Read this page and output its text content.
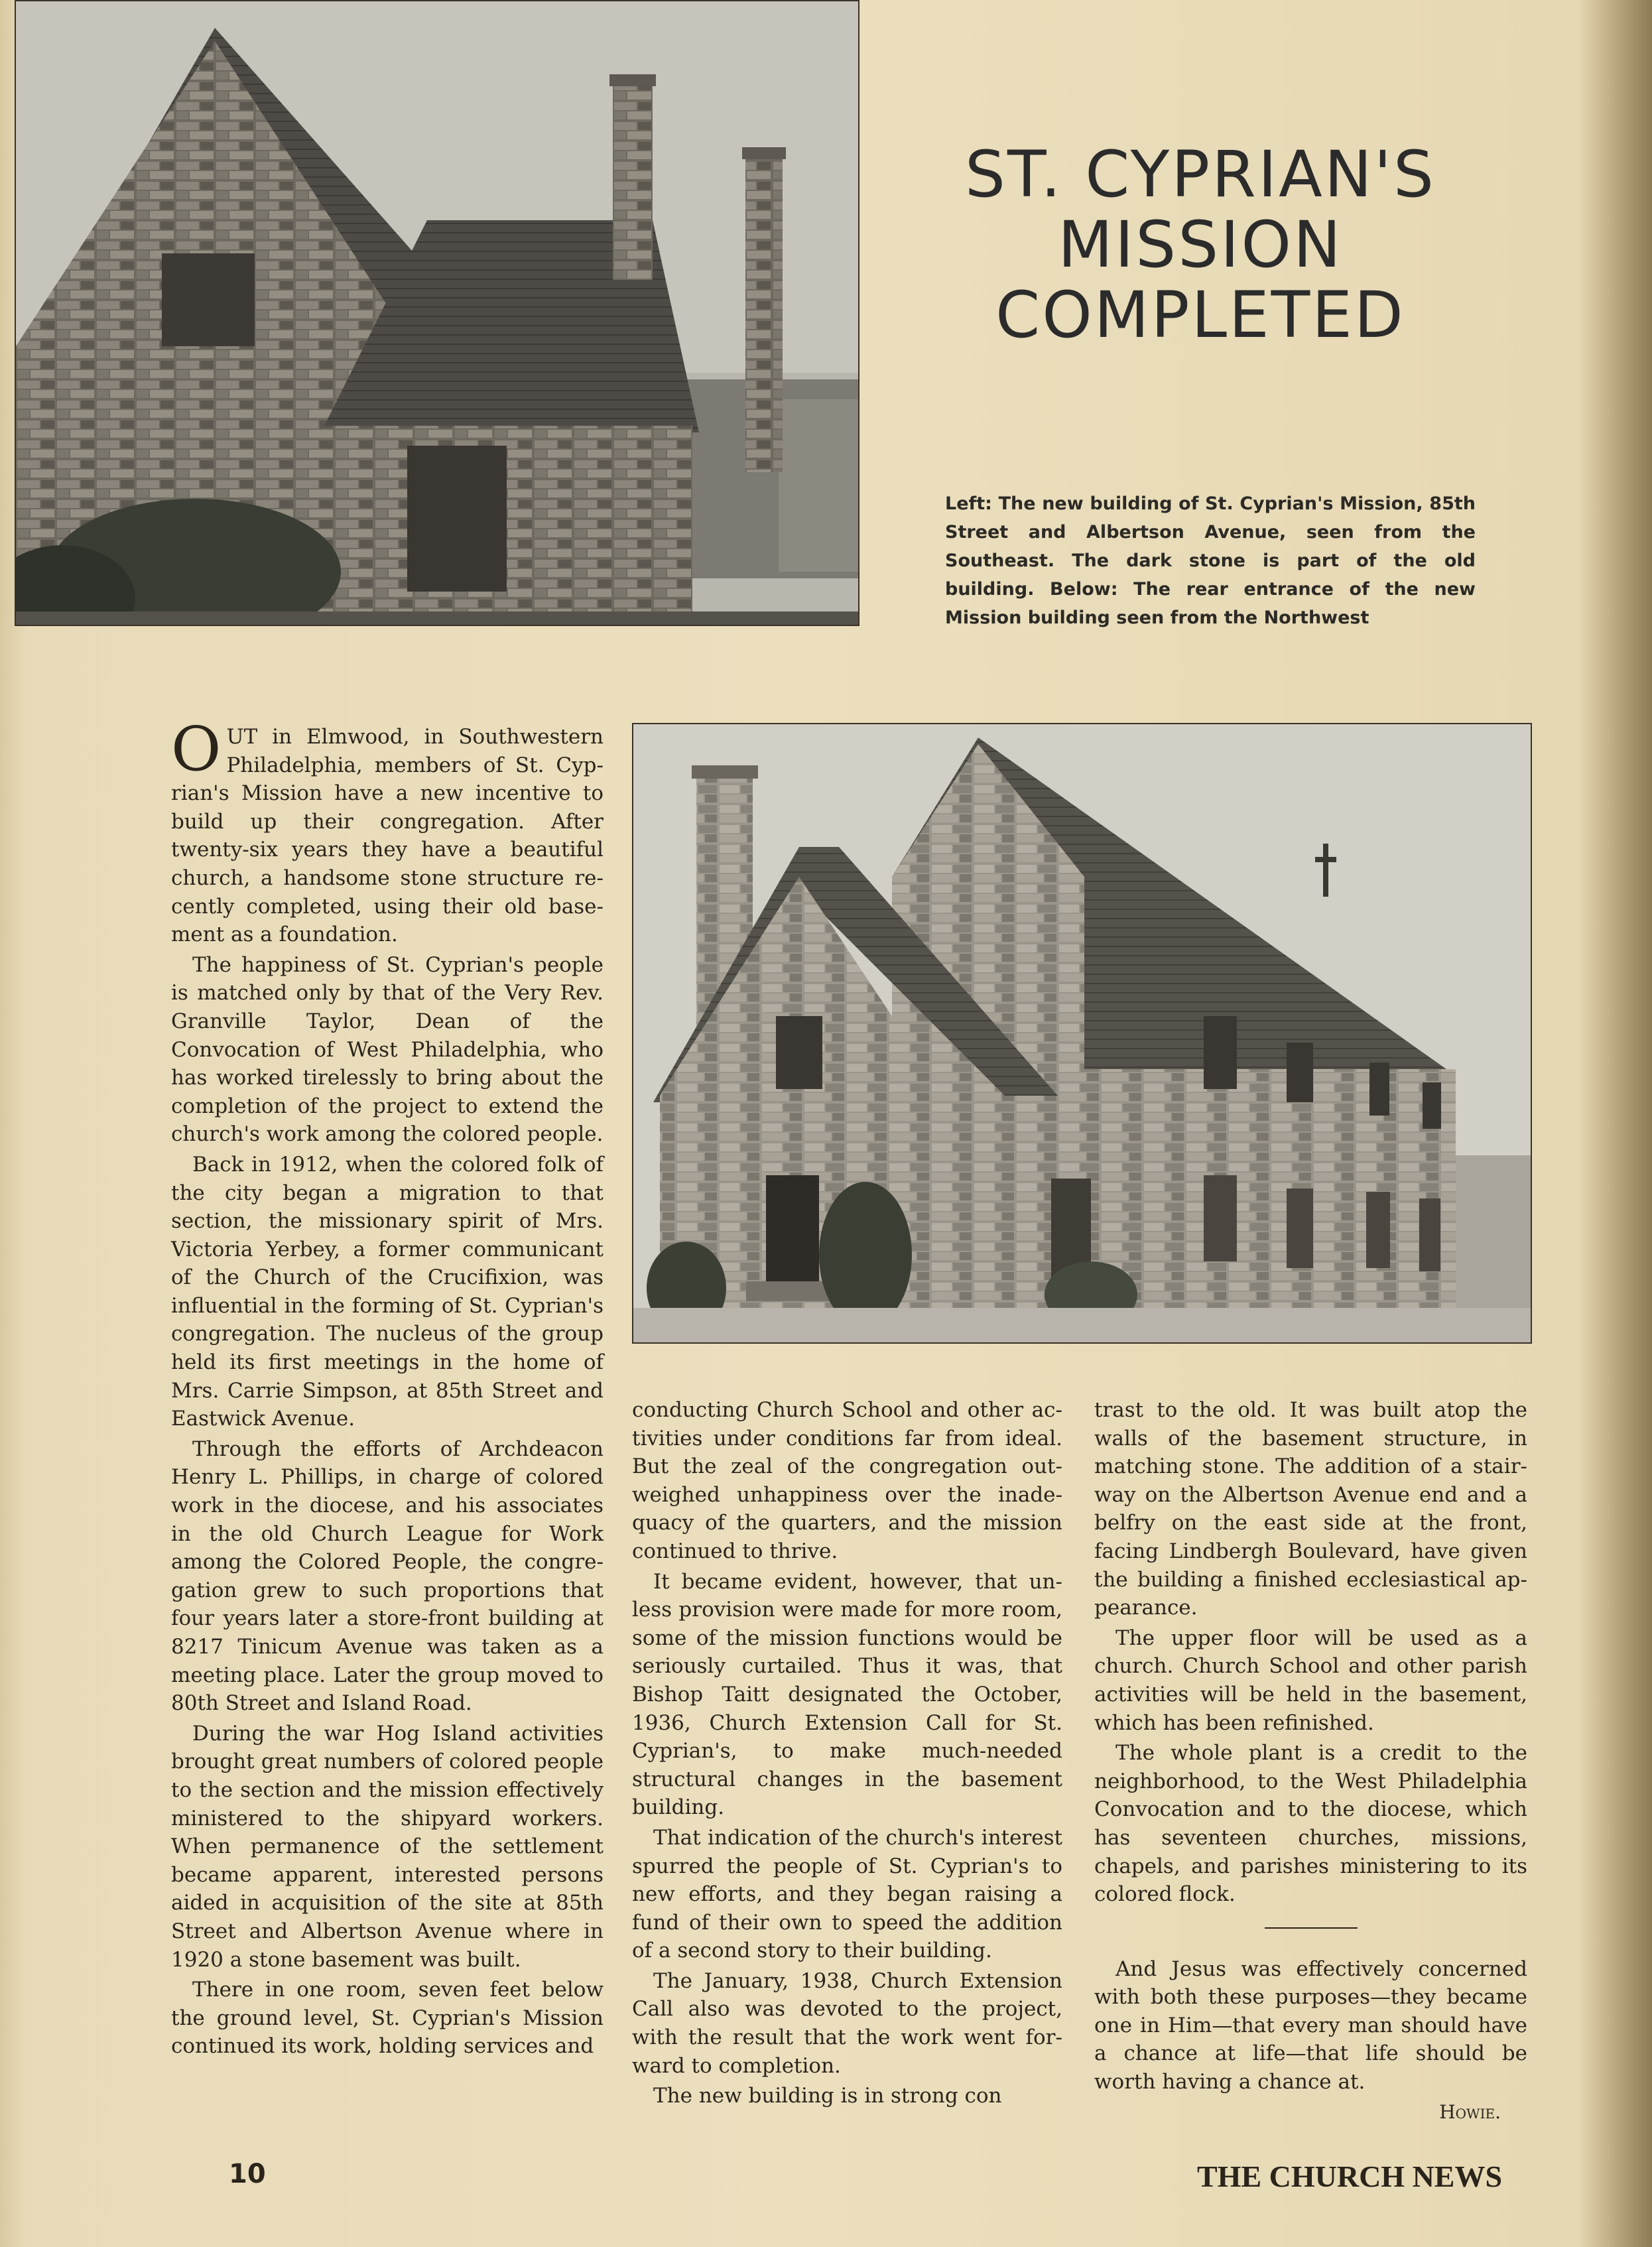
ST. CYPRIAN'S
MISSION
COMPLETED
Left: The new building of St. Cyprian's Mission, 85th Street and Albertson Avenue, seen from the Southeast. The dark stone is part of the old building. Below: The rear entrance of the new Mission building seen from the Northwest

OUT in Elmwood, in Southwestern Philadelphia, members of St. Cyprian's Mission have a new incentive to build up their congregation. After twenty-six years they have a beautiful church, a handsome stone structure recently completed, using their old basement as a foundation.

The happiness of St. Cyprian's people is matched only by that of the Very Rev. Granville Taylor, Dean of the Convocation of West Philadelphia, who has worked tirelessly to bring about the completion of the project to extend the church's work among the colored people.

Back in 1912, when the colored folk of the city began a migration to that section, the missionary spirit of Mrs. Victoria Yerbey, a former communicant of the Church of the Crucifixion, was influential in the forming of St. Cyprian's congregation. The nucleus of the group held its first meetings in the home of Mrs. Carrie Simpson, at 85th Street and Eastwick Avenue.

Through the efforts of Archdeacon Henry L. Phillips, in charge of colored work in the diocese, and his associates in the old Church League for Work among the Colored People, the congregation grew to such proportions that four years later a store-front building at 8217 Tinicum Avenue was taken as a meeting place. Later the group moved to 80th Street and Island Road.

During the war Hog Island activities brought great numbers of colored people to the section and the mission effectively ministered to the shipyard workers. When permanence of the settlement became apparent, interested persons aided in acquisition of the site at 85th Street and Albertson Avenue where in 1920 a stone basement was built.

There in one room, seven feet below the ground level, St. Cyprian's Mission continued its work, holding services and

conducting Church School and other activities under conditions far from ideal. But the zeal of the congregation outweighed unhappiness over the inadequacy of the quarters, and the mission continued to thrive.

It became evident, however, that unless provision were made for more room, some of the mission functions would be seriously curtailed. Thus it was, that Bishop Taitt designated the October, 1936, Church Extension Call for St. Cyprian's, to make much-needed structural changes in the basement building.

That indication of the church's interest spurred the people of St. Cyprian's to new efforts, and they began raising a fund of their own to speed the addition of a second story to their building.

The January, 1938, Church Extension Call also was devoted to the project, with the result that the work went forward to completion.

The new building is in strong con

trast to the old. It was built atop the walls of the basement structure, in matching stone. The addition of a stairway on the Albertson Avenue end and a belfry on the east side at the front, facing Lindbergh Boulevard, have given the building a finished ecclesiastical appearance.

The upper floor will be used as a church. Church School and other parish activities will be held in the basement, which has been refinished.

The whole plant is a credit to the neighborhood, to the West Philadelphia Convocation and to the diocese, which has seventeen churches, missions, chapels, and parishes ministering to its colored flock.

And Jesus was effectively concerned with both these purposes—they became one in Him—that every man should have a chance at life—that life should be worth having a chance at.

Howie.
10	THE CHURCH NEWS
